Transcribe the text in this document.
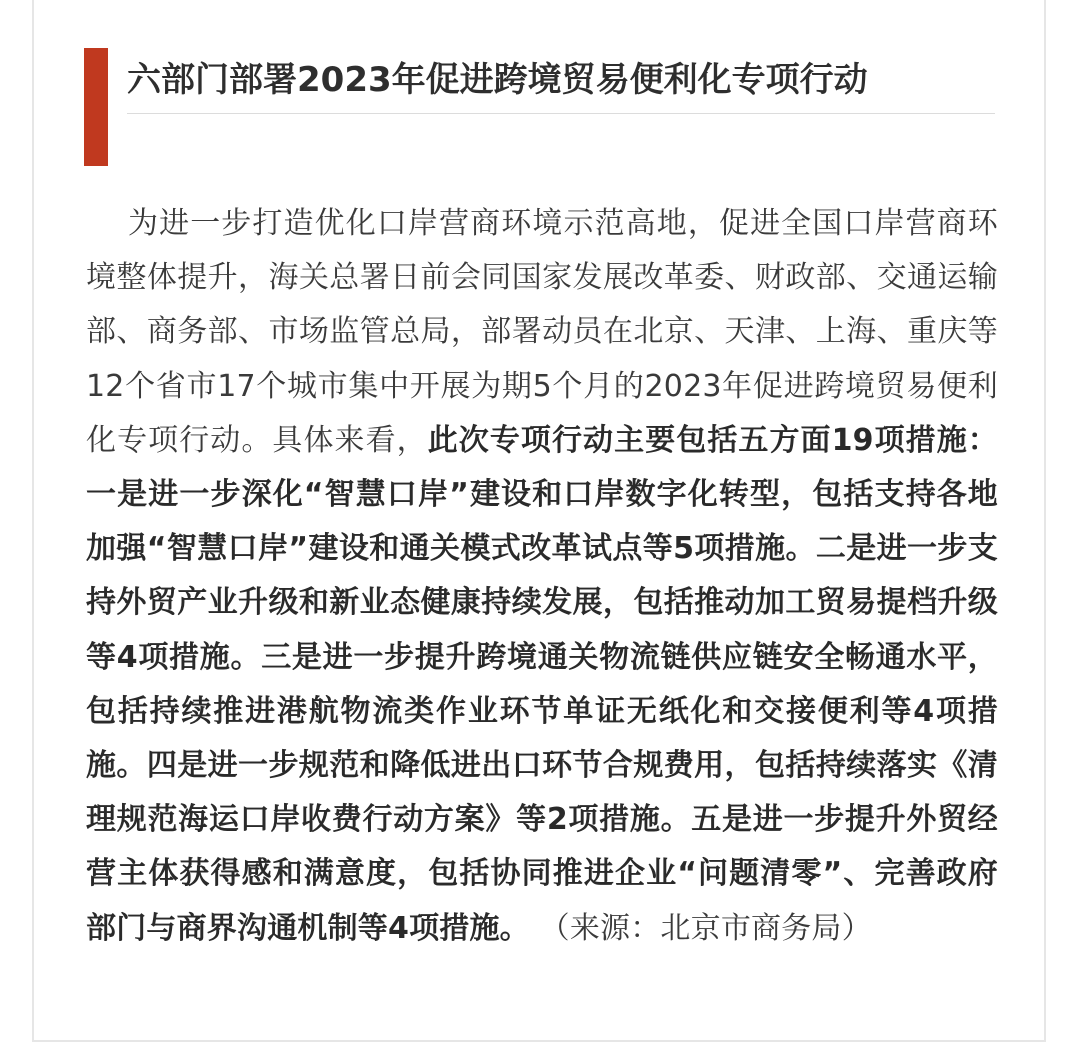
六部门部署2023年促进跨境贸易便利化专项行动

为进一步打造优化口岸营商环境示范高地，促进全国口岸营商环境整体提升，海关总署日前会同国家发展改革委、财政部、交通运输部、商务部、市场监管总局，部署动员在北京、天津、上海、重庆等12个省市17个城市集中开展为期5个月的2023年促进跨境贸易便利化专项行动。具体来看，此次专项行动主要包括五方面19项措施：一是进一步深化“智慧口岸”建设和口岸数字化转型，包括支持各地加强“智慧口岸”建设和通关模式改革试点等5项措施。二是进一步支持外贸产业升级和新业态健康持续发展，包括推动加工贸易提档升级等4项措施。三是进一步提升跨境通关物流链供应链安全畅通水平，包括持续推进港航物流类作业环节单证无纸化和交接便利等4项措施。四是进一步规范和降低进出口环节合规费用，包括持续落实《清理规范海运口岸收费行动方案》等2项措施。五是进一步提升外贸经营主体获得感和满意度，包括协同推进企业“问题清零”、完善政府部门与商界沟通机制等4项措施。 （来源：北京市商务局）
